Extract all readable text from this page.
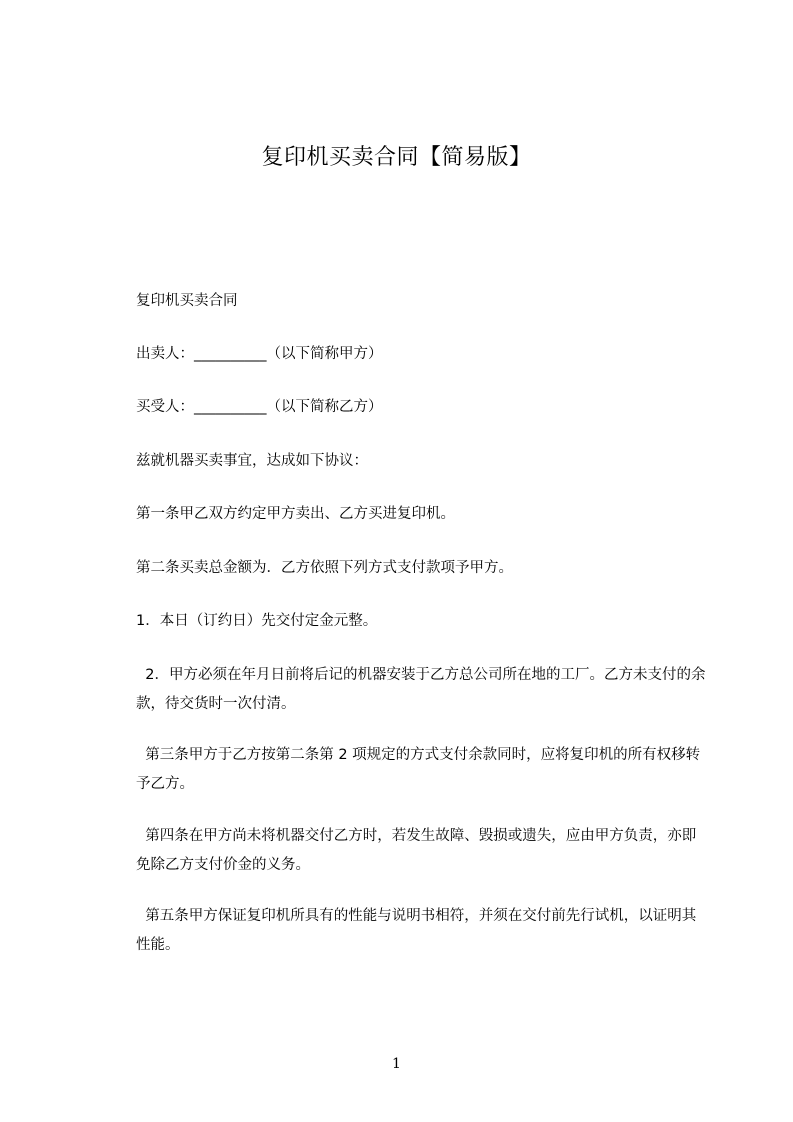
复印机买卖合同【简易版】
复印机买卖合同
出卖人：__________（以下简称甲方）
买受人：__________（以下简称乙方）
兹就机器买卖事宜，达成如下协议：
第一条甲乙双方约定甲方卖出、乙方买进复印机。
第二条买卖总金额为．乙方依照下列方式支付款项予甲方。
1．本日（订约日）先交付定金元整。
2．甲方必须在年月日前将后记的机器安装于乙方总公司所在地的工厂。乙方未支付的余款，待交货时一次付清。
第三条甲方于乙方按第二条第 2 项规定的方式支付余款同时，应将复印机的所有权移转予乙方。
第四条在甲方尚未将机器交付乙方时，若发生故障、毁损或遗失，应由甲方负责，亦即免除乙方支付价金的义务。
第五条甲方保证复印机所具有的性能与说明书相符，并须在交付前先行试机，以证明其性能。
1
